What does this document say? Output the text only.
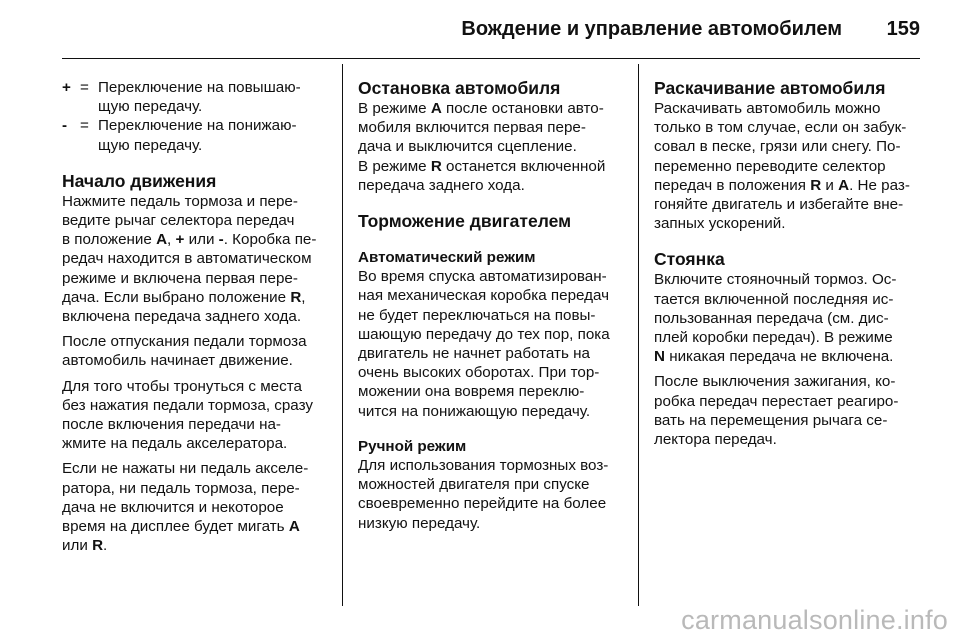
Вождение и управление автомобилем 159
+ = Переключение на повышаю-
щую передачу.
- = Переключение на понижаю-
щую передачу.
Начало движения

Нажмите педаль тормоза и пере-
ведите рычаг селектора передач
в положение A, + или -. Коробка пе-
редач находится в автоматическом
режиме и включена первая пере-
дача. Если выбрано положение R,
включена передача заднего хода.

После отпускания педали тормоза
автомобиль начинает движение.

Для того чтобы тронуться с места
без нажатия педали тормоза, сразу
после включения передачи на-
жмите на педаль акселератора.

Если не нажаты ни педаль акселе-
ратора, ни педаль тормоза, пере-
дача не включится и некоторое
время на дисплее будет мигать A
или R.

Остановка автомобиля

В режиме A после остановки авто-
мобиля включится первая пере-
дача и выключится сцепление.
В режиме R останется включенной
передача заднего хода.

Торможение двигателем
Автоматический режим

Во время спуска автоматизирован-
ная механическая коробка передач
не будет переключаться на повы-
шающую передачу до тех пор, пока
двигатель не начнет работать на
очень высоких оборотах. При тор-
можении она вовремя переклю-
чится на понижающую передачу.

Ручной режим

Для использования тормозных воз-
можностей двигателя при спуске
своевременно перейдите на более
низкую передачу.

Раскачивание автомобиля

Раскачивать автомобиль можно
только в том случае, если он забук-
совал в песке, грязи или снегу. По-
переменно переводите селектор
передач в положения R и A. Не раз-
гоняйте двигатель и избегайте вне-
запных ускорений.

Стоянка

Включите стояночный тормоз. Ос-
тается включенной последняя ис-
пользованная передача (см. дис-
плей коробки передач). В режиме
N никакая передача не включена.

После выключения зажигания, ко-
робка передач перестает реагиро-
вать на перемещения рычага се-
лектора передач.

carmanualsonline.info
